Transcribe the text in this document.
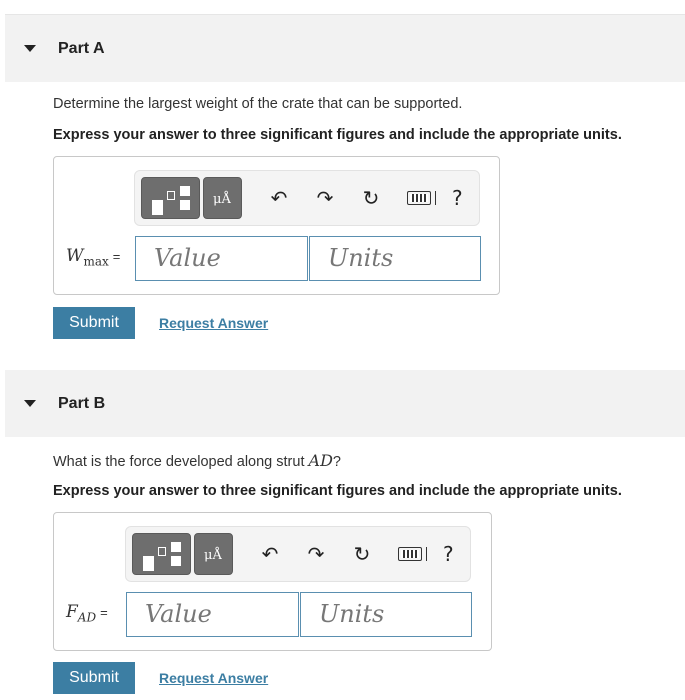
Part A
Determine the largest weight of the crate that can be supported.
Express your answer to three significant figures and include the appropriate units.
μÅ ↶ ↷ ↻	?
$W_{max}$ =	Value	Units
Submit	Request Answer
Part B
What is the force developed along strut AD?
Express your answer to three significant figures and include the appropriate units.
μÅ ↶ ↷ ↻	?
$F_{AD}$ =	Value	Units
Submit	Request Answer
